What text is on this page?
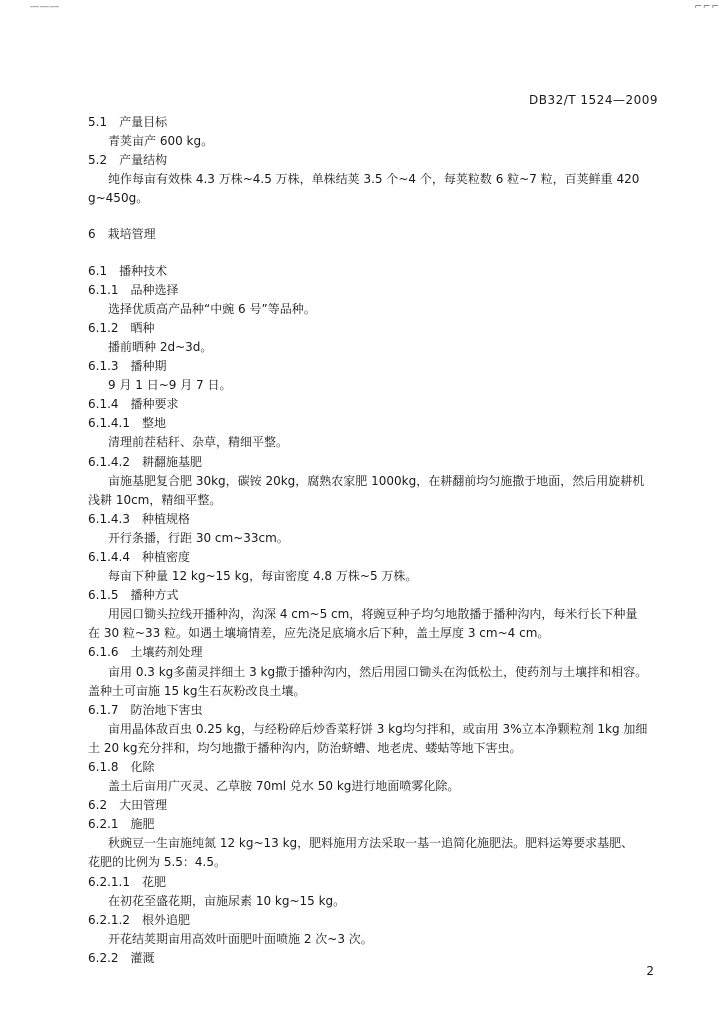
―――	⌐⌐⌐
DB32/T 1524—2009
5.1 产量目标
青荚亩产 600 kg。
5.2 产量结构
纯作每亩有效株 4.3 万株~4.5 万株，单株结荚 3.5 个~4 个，每荚粒数 6 粒~7 粒，百荚鲜重 420
g~450g。
6 栽培管理
6.1 播种技术
6.1.1 品种选择
选择优质高产品种“中豌 6 号”等品种。
6.1.2 晒种
播前晒种 2d~3d。
6.1.3 播种期
9 月 1 日~9 月 7 日。
6.1.4 播种要求
6.1.4.1 整地
清理前茬秸秆、杂草，精细平整。
6.1.4.2 耕翻施基肥
亩施基肥复合肥 30kg，碳铵 20kg，腐熟农家肥 1000kg，在耕翻前均匀施撒于地面，然后用旋耕机
浅耕 10cm，精细平整。
6.1.4.3 种植规格
开行条播，行距 30 cm~33cm。
6.1.4.4 种植密度
每亩下种量 12 kg~15 kg，每亩密度 4.8 万株~5 万株。
6.1.5 播种方式
用园口锄头拉线开播种沟，沟深 4 cm~5 cm，将豌豆种子均匀地散播于播种沟内，每米行长下种量
在 30 粒~33 粒。如遇土壤墒情差，应先浇足底墒水后下种，盖土厚度 3 cm~4 cm。
6.1.6 土壤药剂处理
亩用 0.3 kg多菌灵拌细土 3 kg撒于播种沟内，然后用园口锄头在沟低松土，使药剂与土壤拌和相容。
盖种土可亩施 15 kg生石灰粉改良土壤。
6.1.7 防治地下害虫
亩用晶体敌百虫 0.25 kg，与经粉碎后炒香菜籽饼 3 kg均匀拌和，或亩用 3%立本净颗粒剂 1kg 加细
土 20 kg充分拌和，均匀地撒于播种沟内，防治蛴螬、地老虎、蝼蛄等地下害虫。
6.1.8 化除
盖土后亩用广灭灵、乙草胺 70ml 兑水 50 kg进行地面喷雾化除。
6.2 大田管理
6.2.1 施肥
秋豌豆一生亩施纯氮 12 kg~13 kg，肥料施用方法采取一基一追简化施肥法。肥料运筹要求基肥、
花肥的比例为 5.5：4.5。
6.2.1.1 花肥
在初花至盛花期，亩施尿素 10 kg~15 kg。
6.2.1.2 根外追肥
开花结荚期亩用高效叶面肥叶面喷施 2 次~3 次。
6.2.2 灌溉
2
